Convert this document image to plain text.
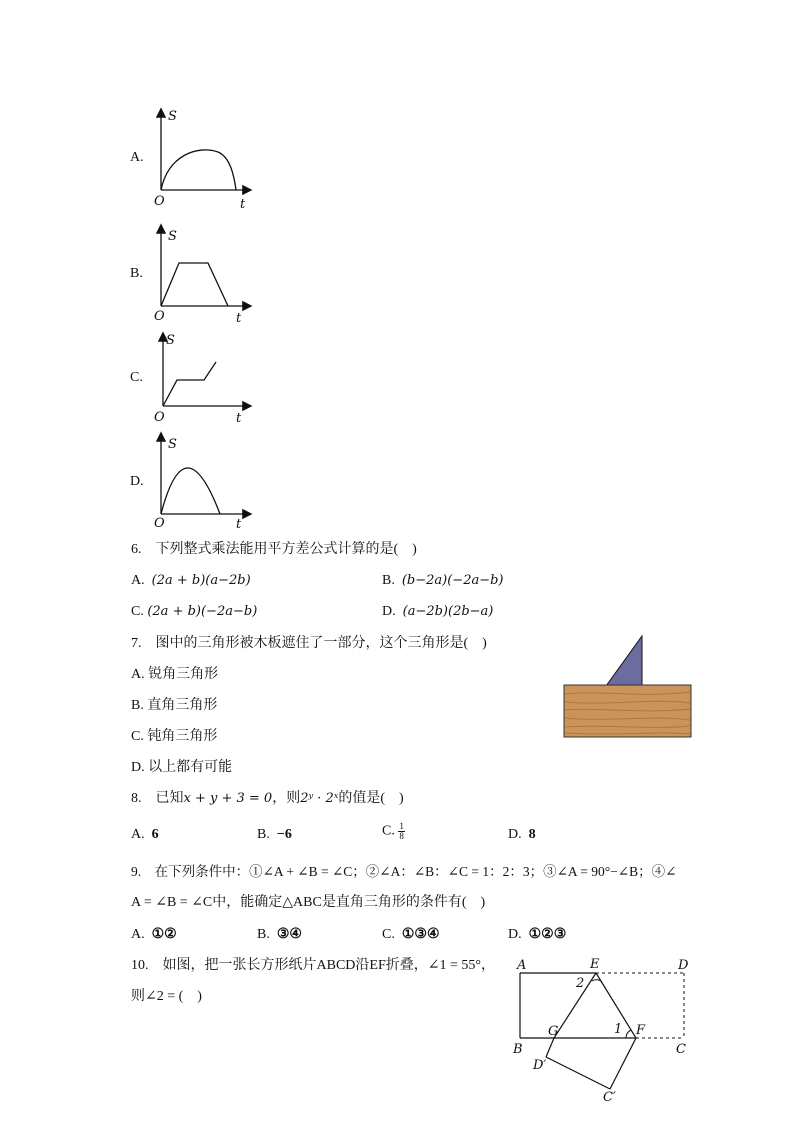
A.
S
O	t
B.
S
O	t
C.
S
O	t
D.
S
O	t
6.　下列整式乘法能用平方差公式计算的是(　)
A. (2a + b)(a−2b)	B. (b−2a)(−2a−b)
C. (2a + b)(−2a−b)	D. (a−2b)(2b−a)
7.　图中的三角形被木板遮住了一部分，这个三角形是(　)
A. 锐角三角形
B. 直角三角形
C. 钝角三角形
D. 以上都有可能
8.　已知x + y + 3 = 0，则2ʸ · 2ˣ的值是(　)
A. 6	B. −6	C. $\frac{1}{8}$	D. 8
9.　在下列条件中：①∠A + ∠B = ∠C；②∠A：∠B：∠C = 1：2：3；③∠A = 90°−∠B；④∠
A = ∠B = ∠C中，能确定△ABC是直角三角形的条件有(　)
A. ①②	B. ③④	C. ①③④	D. ①②③
10.　如图，把一张长方形纸片ABCD沿EF折叠，∠1 = 55°，
则∠2 = (　)
A	E	D
B
G	F
C
D′
C′
1
2
